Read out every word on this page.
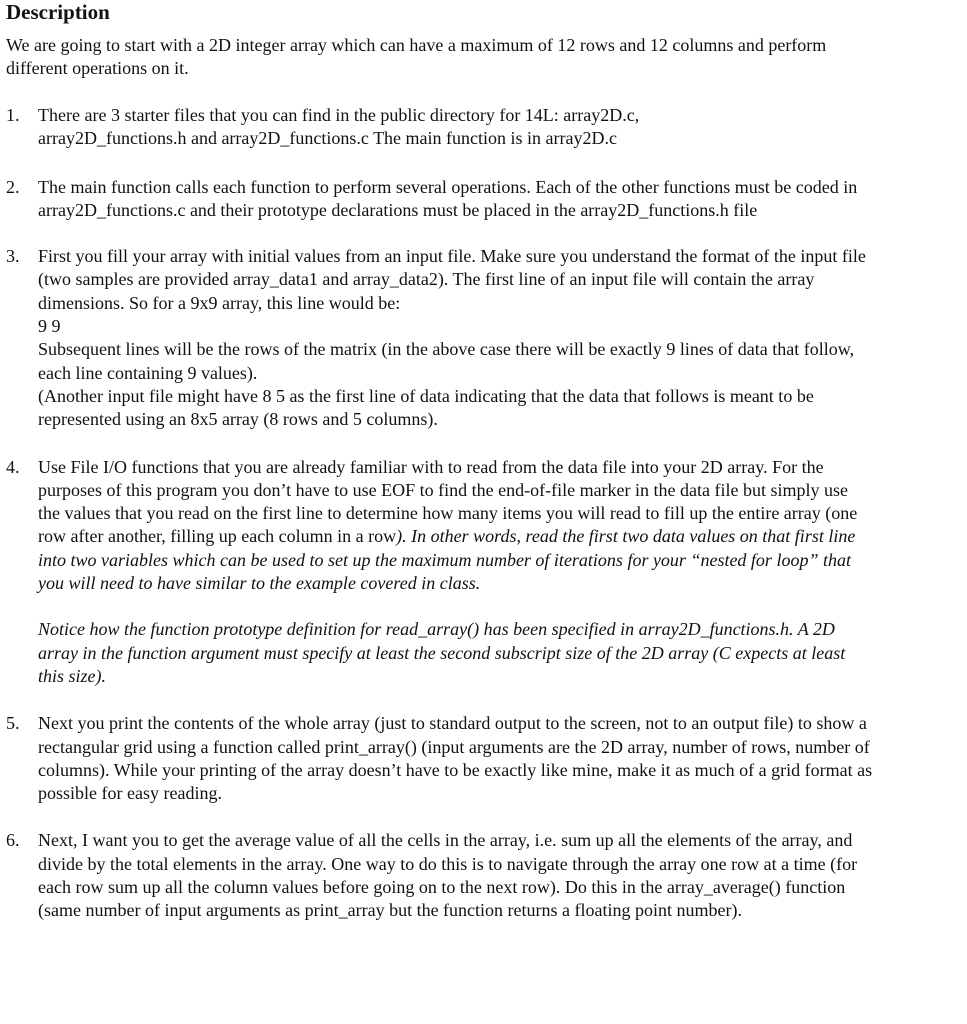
Description

We are going to start with a 2D integer array which can have a maximum of 12 rows and 12 columns and perform different operations on it.

1. There are 3 starter files that you can find in the public directory for 14L: array2D.c, array2D_functions.h and array2D_functions.c The main function is in array2D.c

2. The main function calls each function to perform several operations. Each of the other functions must be coded in array2D_functions.c and their prototype declarations must be placed in the array2D_functions.h file

3. First you fill your array with initial values from an input file. Make sure you understand the format of the input file (two samples are provided array_data1 and array_data2). The first line of an input file will contain the array dimensions. So for a 9x9 array, this line would be:

9 9

Subsequent lines will be the rows of the matrix (in the above case there will be exactly 9 lines of data that follow, each line containing 9 values).

(Another input file might have 8 5 as the first line of data indicating that the data that follows is meant to be represented using an 8x5 array (8 rows and 5 columns).

4. Use File I/O functions that you are already familiar with to read from the data file into your 2D array. For the purposes of this program you don’t have to use EOF to find the end-of-file marker in the data file but simply use the values that you read on the first line to determine how many items you will read to fill up the entire array (one row after another, filling up each column in a row). In other words, read the first two data values on that first line into two variables which can be used to set up the maximum number of iterations for your “nested for loop” that you will need to have similar to the example covered in class.

Notice how the function prototype definition for read_array() has been specified in array2D_functions.h. A 2D array in the function argument must specify at least the second subscript size of the 2D array (C expects at least this size).

5. Next you print the contents of the whole array (just to standard output to the screen, not to an output file) to show a rectangular grid using a function called print_array() (input arguments are the 2D array, number of rows, number of columns). While your printing of the array doesn’t have to be exactly like mine, make it as much of a grid format as possible for easy reading.

6. Next, I want you to get the average value of all the cells in the array, i.e. sum up all the elements of the array, and divide by the total elements in the array. One way to do this is to navigate through the array one row at a time (for each row sum up all the column values before going on to the next row). Do this in the array_average() function (same number of input arguments as print_array but the function returns a floating point number).
